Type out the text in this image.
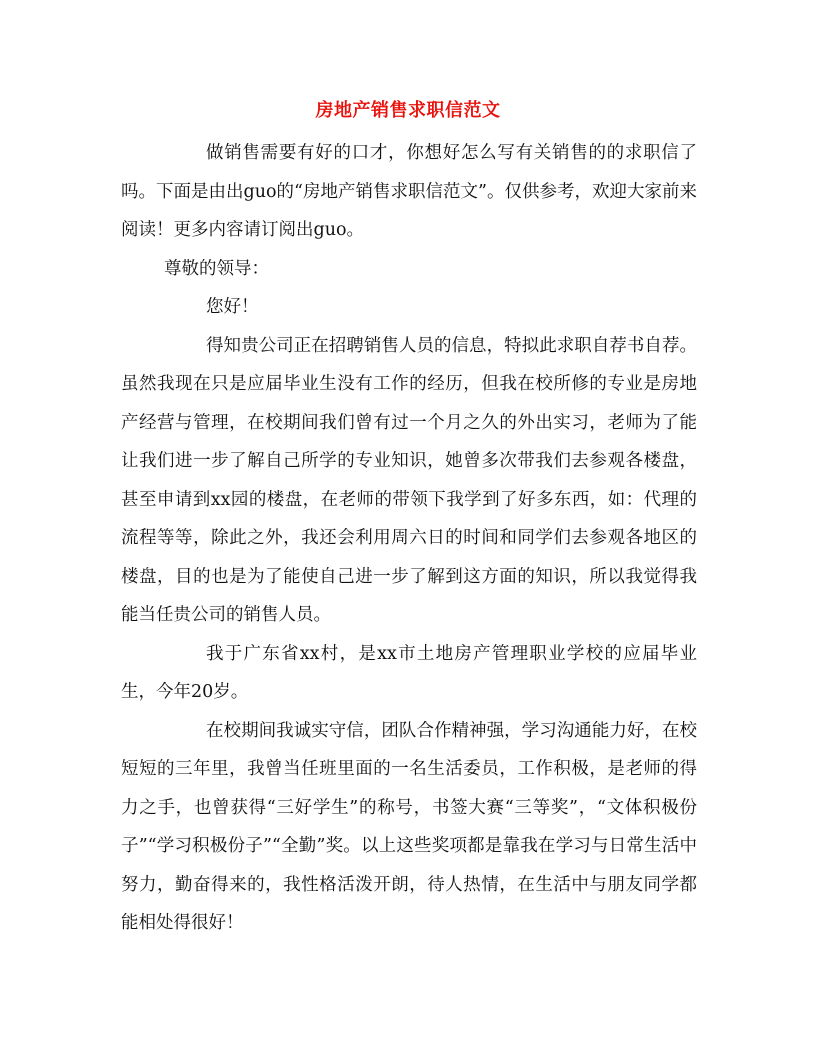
房地产销售求职信范文

做销售需要有好的口才，你想好怎么写有关销售的的求职信了吗。下面是由出guo的“房地产销售求职信范文”。仅供参考，欢迎大家前来阅读！更多内容请订阅出guo。

尊敬的领导：

您好！

得知贵公司正在招聘销售人员的信息，特拟此求职自荐书自荐。虽然我现在只是应届毕业生没有工作的经历，但我在校所修的专业是房地产经营与管理，在校期间我们曾有过一个月之久的外出实习，老师为了能让我们进一步了解自己所学的专业知识，她曾多次带我们去参观各楼盘，甚至申请到xx园的楼盘，在老师的带领下我学到了好多东西，如：代理的流程等等，除此之外，我还会利用周六日的时间和同学们去参观各地区的楼盘，目的也是为了能使自己进一步了解到这方面的知识，所以我觉得我能当任贵公司的销售人员。

我于广东省xx村，是xx市土地房产管理职业学校的应届毕业生，今年20岁。

在校期间我诚实守信，团队合作精神强，学习沟通能力好，在校短短的三年里，我曾当任班里面的一名生活委员，工作积极，是老师的得力之手，也曾获得“三好学生”的称号，书签大赛“三等奖”，“文体积极份子”“学习积极份子”“全勤”奖。以上这些奖项都是靠我在学习与日常生活中努力，勤奋得来的，我性格活泼开朗，待人热情，在生活中与朋友同学都能相处得很好！
